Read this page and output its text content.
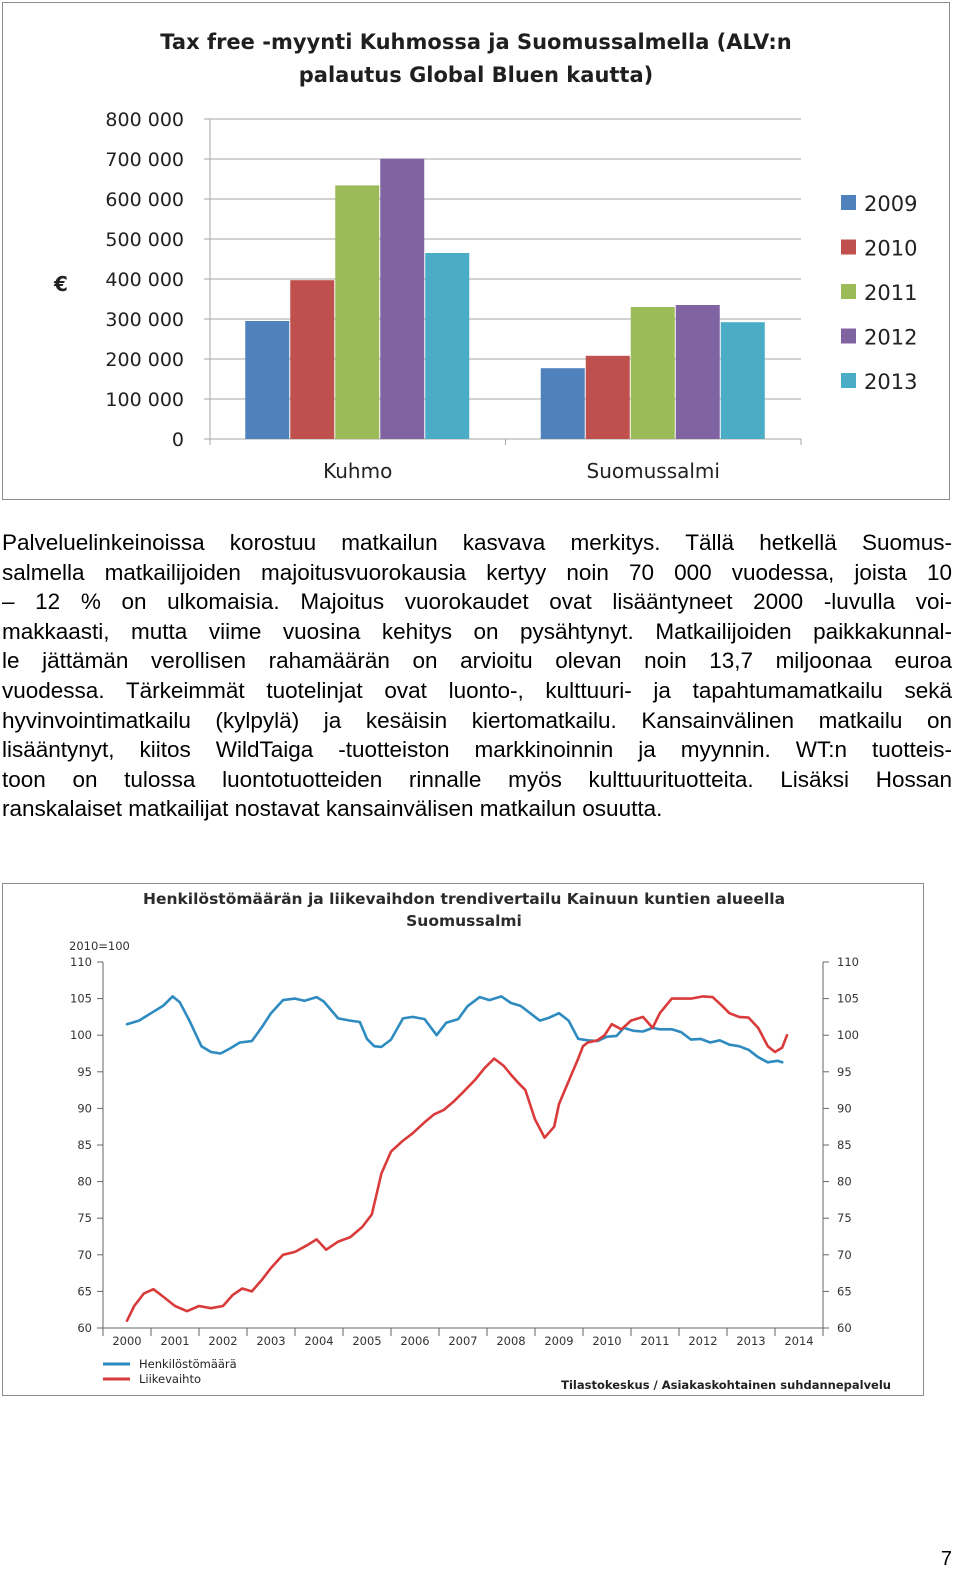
Tax free -myynti Kuhmossa ja Suomussalmella (ALV:n
palautus Global Bluen kautta)
0
100 000
200 000
300 000
400 000
500 000
600 000
700 000
800 000
€
Kuhmo	Suomussalmi
2009
2010
2011
2012
2013
Palveluelinkeinoissa korostuu matkailun kasvava merkitys. Tällä hetkellä Suomus-
salmella matkailijoiden majoitusvuorokausia kertyy noin 70 000 vuodessa, joista 10
– 12 % on ulkomaisia. Majoitus vuorokaudet ovat lisääntyneet 2000 -luvulla voi-
makkaasti, mutta viime vuosina kehitys on pysähtynyt. Matkailijoiden paikkakunnal-
le jättämän verollisen rahamäärän on arvioitu olevan noin 13,7 miljoonaa euroa
vuodessa. Tärkeimmät tuotelinjat ovat luonto-, kulttuuri- ja tapahtumamatkailu sekä
hyvinvointimatkailu (kylpylä) ja kesäisin kiertomatkailu. Kansainvälinen matkailu on
lisääntynyt, kiitos WildTaiga -tuotteiston markkinoinnin ja myynnin. WT:n tuotteis-
toon on tulossa luontotuotteiden rinnalle myös kulttuurituotteita. Lisäksi Hossan
ranskalaiset matkailijat nostavat kansainvälisen matkailun osuutta.
Henkilöstömäärän ja liikevaihdon trendivertailu Kainuun kuntien alueella
Suomussalmi
2010=100
60	60
65	65
70	70
75	75
80	80
85	85
90	90
95	95
100	100
105	105
110	110
2000 2001 2002 2003 2004 2005 2006 2007 2008 2009 2010 2011 2012 2013 2014
Henkilöstömäärä
Liikevaihto	Tilastokeskus / Asiakaskohtainen suhdannepalvelu
7
